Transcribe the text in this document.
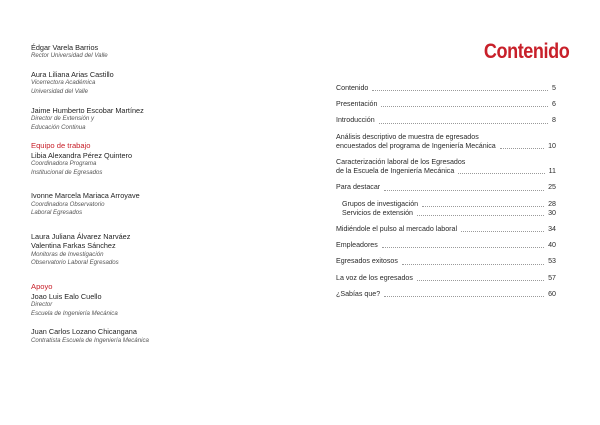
Édgar Varela Barrios
Rector Universidad del Valle
Aura Liliana Arias Castillo
Vicerrectora Académica
Universidad del Valle
Jaime Humberto Escobar Martínez
Director de Extensión y
Educación Continua
Equipo de trabajo
Libia Alexandra Pérez Quintero
Coordinadora Programa
Institucional de Egresados
Ivonne Marcela Mariaca Arroyave
Coordinadora Observatorio
Laboral Egresados
Laura Juliana Álvarez Narváez
Valentina Farkas Sánchez
Monitoras de Investigación
Observatorio Laboral Egresados
Apoyo
Joao Luis Ealo Cuello
Director
Escuela de Ingeniería Mecánica
Juan Carlos Lozano Chicangana
Contratista Escuela de Ingeniería Mecánica
Contenido
Contenido	5
Presentación	6
Introducción	8
Análisis descriptivo de muestra de egresados
encuestados del programa de Ingeniería Mecánica	10
Caracterización laboral de los Egresados
de la Escuela de Ingeniería Mecánica	11
Para destacar	25
Grupos de investigación	28
Servicios de extensión	30
Midiéndole el pulso al mercado laboral	34
Empleadores	40
Egresados exitosos	53
La voz de los egresados	57
¿Sabías que?	60
